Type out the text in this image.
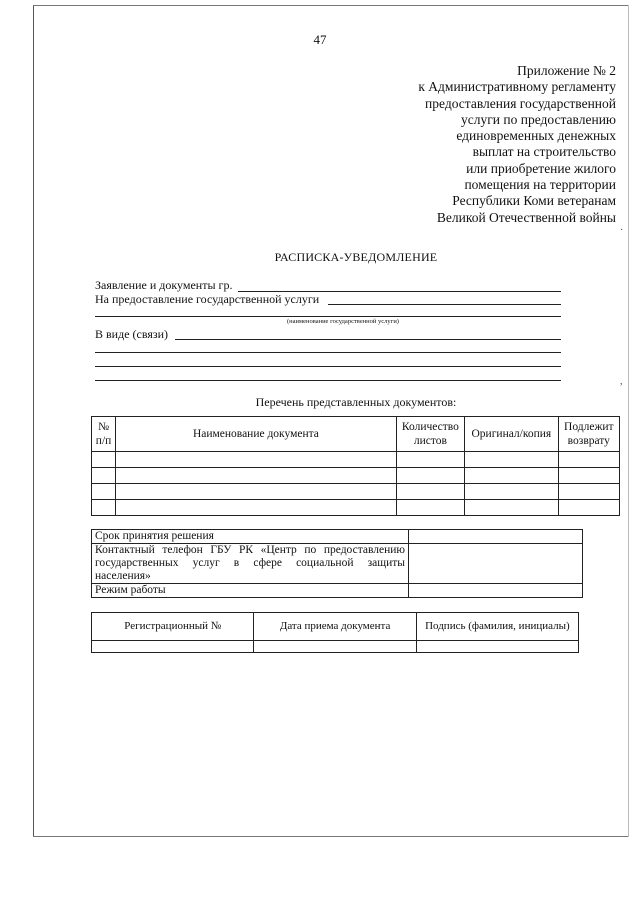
47
Приложение № 2
к Административному регламенту
предоставления государственной
услуги по предоставлению
единовременных денежных
выплат на строительство
или приобретение жилого
помещения на территории
Республики Коми ветеранам
Великой Отечественной войны
РАСПИСКА-УВЕДОМЛЕНИЕ
Заявление и документы гр.
На предоставление государственной услуги
(наименование государственной услуги)
В виде (связи)
Перечень представленных документов:
№ п/п	Наименование документа	Количество листов	Оригинал/копия	Подлежит возврату

Срок принятия решения	
Контактный телефон ГБУ РК «Центр по предоставлению государственных услуг в сфере социальной защиты населения»	
Режим работы	
Регистрационный №	Дата приема документа	Подпись (фамилия, инициалы)

·
,
